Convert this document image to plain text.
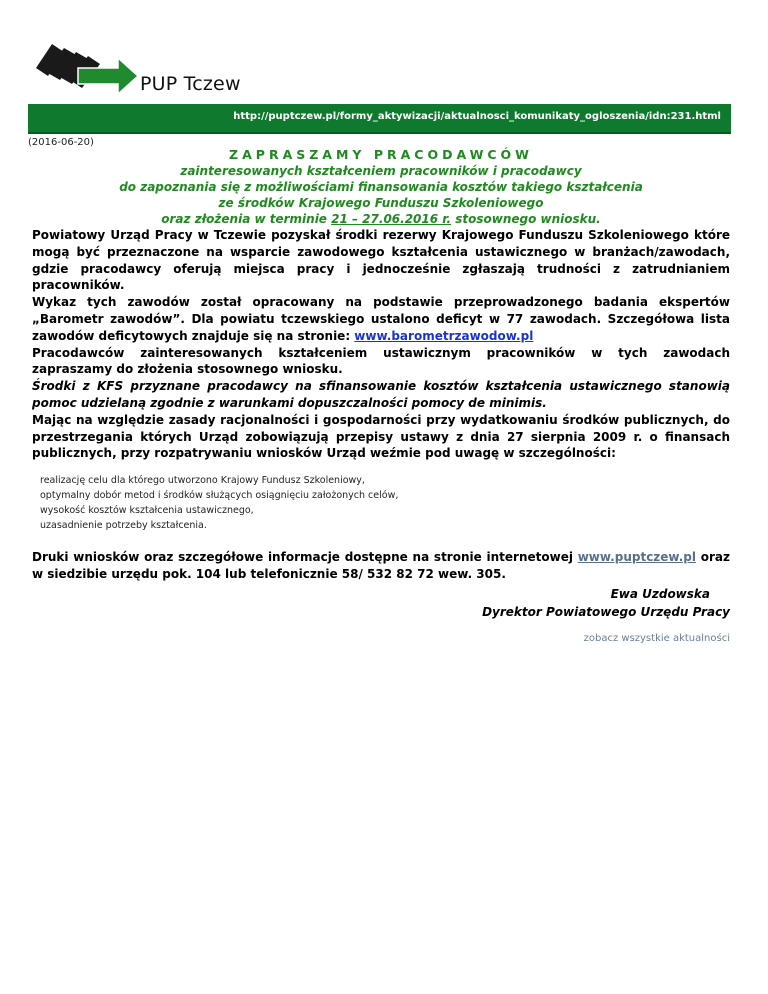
PUP Tczew
http://puptczew.pl/formy_aktywizacji/aktualnosci_komunikaty_ogloszenia/idn:231.html
(2016-06-20)

ZAPRASZAMY PRACODAWCÓW

zainteresowanych kształceniem pracowników i pracodawcy

do zapoznania się z możliwościami finansowania kosztów takiego kształcenia

ze środków Krajowego Funduszu Szkoleniowego

oraz złożenia w terminie 21 – 27.06.2016 r. stosownego wniosku.

Powiatowy Urząd Pracy w Tczewie pozyskał środki rezerwy Krajowego Funduszu Szkoleniowego które mogą być przeznaczone na wsparcie zawodowego kształcenia ustawicznego w branżach/zawodach, gdzie pracodawcy oferują miejsca pracy i jednocześnie zgłaszają trudności z zatrudnianiem pracowników.

Wykaz tych zawodów został opracowany na podstawie przeprowadzonego badania ekspertów „Barometr zawodów”. Dla powiatu tczewskiego ustalono deficyt w 77 zawodach. Szczegółowa lista zawodów deficytowych znajduje się na stronie: www.barometrzawodow.pl

Pracodawców zainteresowanych kształceniem ustawicznym pracowników w tych zawodach zapraszamy do złożenia stosownego wniosku.

Środki z KFS przyznane pracodawcy na sfinansowanie kosztów kształcenia ustawicznego stanowią pomoc udzielaną zgodnie z warunkami dopuszczalności pomocy de minimis.

Mając na względzie zasady racjonalności i gospodarności przy wydatkowaniu środków publicznych, do przestrzegania których Urząd zobowiązują przepisy ustawy z dnia 27 sierpnia 2009 r. o finansach publicznych, przy rozpatrywaniu wniosków Urząd weźmie pod uwagę w szczególności:

realizację celu dla którego utworzono Krajowy Fundusz Szkoleniowy,
optymalny dobór metod i środków służących osiągnięciu założonych celów,
wysokość kosztów kształcenia ustawicznego,
uzasadnienie potrzeby kształcenia.
Druki wniosków oraz szczegółowe informacje dostępne na stronie internetowej www.puptczew.pl oraz w siedzibie urzędu pok. 104 lub telefonicznie 58/ 532 82 72 wew. 305.
Ewa Uzdowska
Dyrektor Powiatowego Urzędu Pracy
zobacz wszystkie aktualności
